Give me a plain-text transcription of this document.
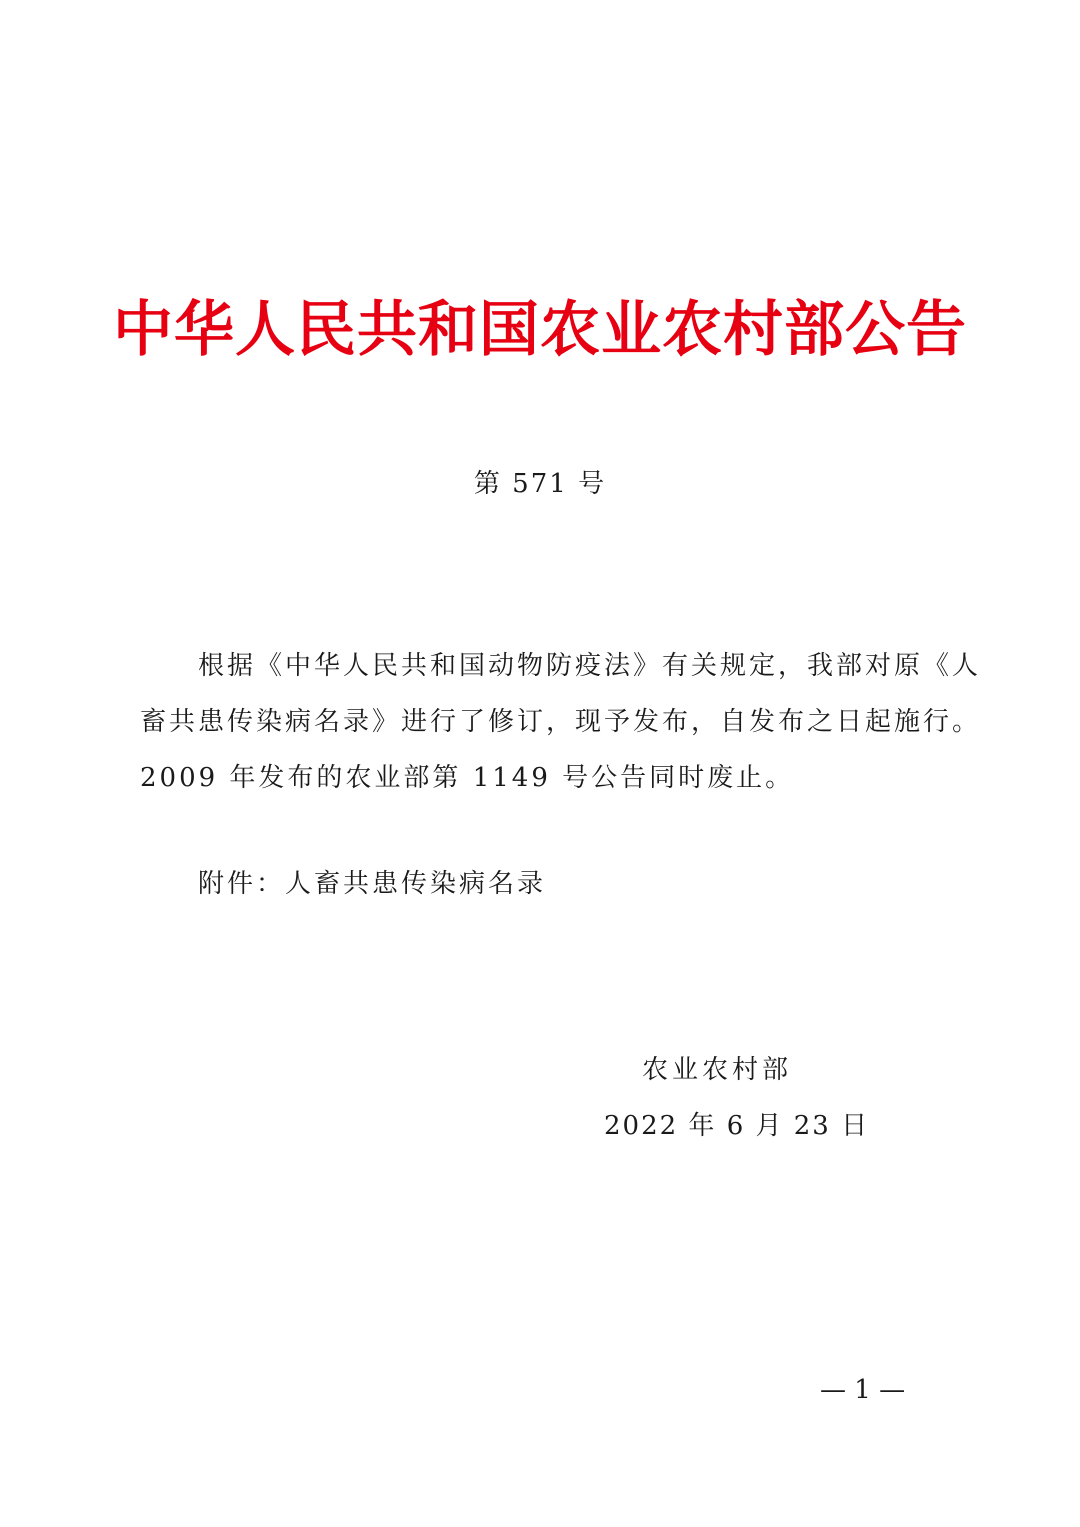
中华人民共和国农业农村部公告
第 571 号

根据《中华人民共和国动物防疫法》有关规定，我部对原《人
畜共患传染病名录》进行了修订，现予发布，自发布之日起施行。
2009 年发布的农业部第 1149 号公告同时废止。

附件：人畜共患传染病名录
农业农村部
2022 年 6 月 23 日
— 1 —
